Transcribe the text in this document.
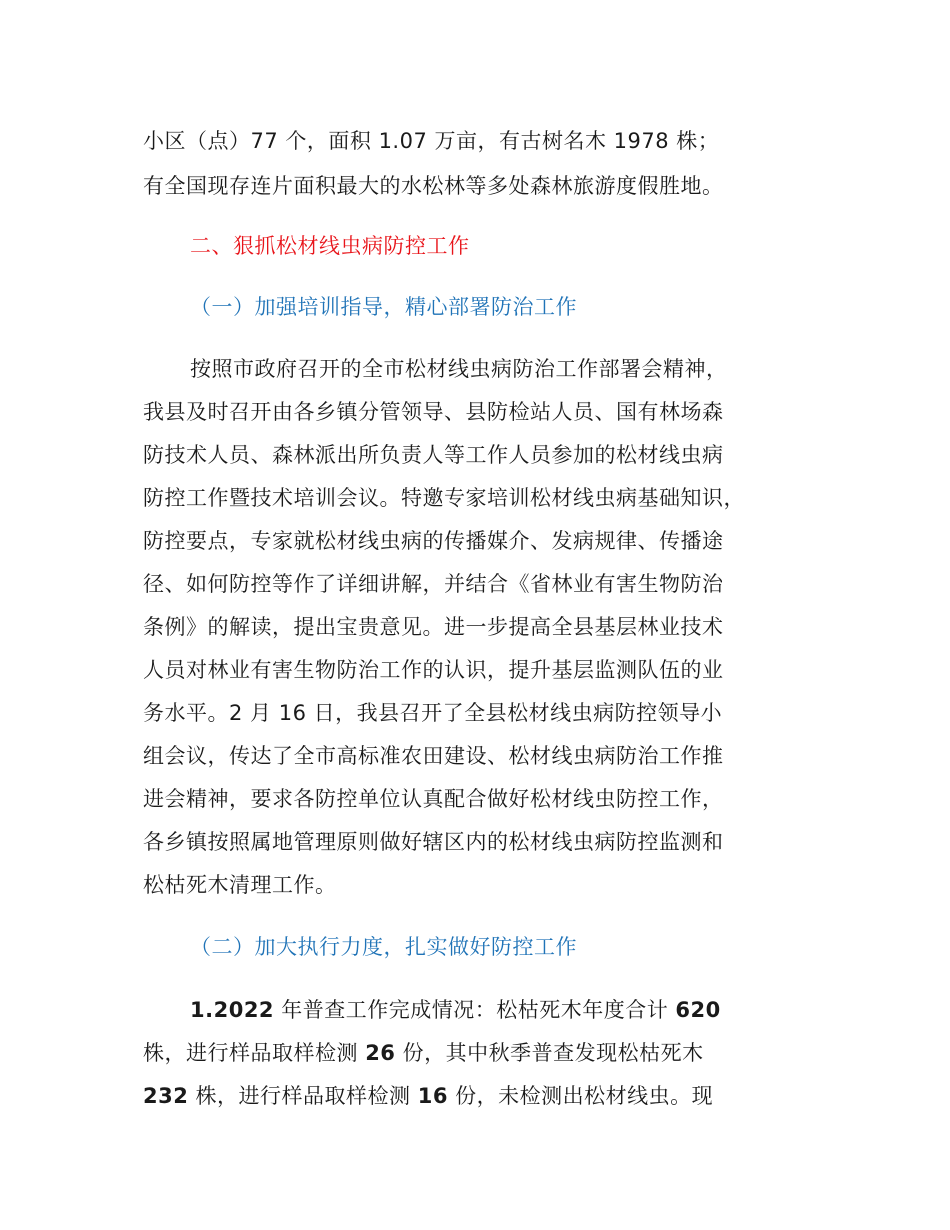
小区（点）77 个，面积 1.07 万亩，有古树名木 1978 株；
有全国现存连片面积最大的水松林等多处森林旅游度假胜地。
二、狠抓松材线虫病防控工作
（一）加强培训指导，精心部署防治工作
按照市政府召开的全市松材线虫病防治工作部署会精神，
我县及时召开由各乡镇分管领导、县防检站人员、国有林场森
防技术人员、森林派出所负责人等工作人员参加的松材线虫病
防控工作暨技术培训会议。特邀专家培训松材线虫病基础知识，
防控要点，专家就松材线虫病的传播媒介、发病规律、传播途
径、如何防控等作了详细讲解，并结合《省林业有害生物防治
条例》的解读，提出宝贵意见。进一步提高全县基层林业技术
人员对林业有害生物防治工作的认识，提升基层监测队伍的业
务水平。2 月 16 日，我县召开了全县松材线虫病防控领导小
组会议，传达了全市高标准农田建设、松材线虫病防治工作推
进会精神，要求各防控单位认真配合做好松材线虫防控工作，
各乡镇按照属地管理原则做好辖区内的松材线虫病防控监测和
松枯死木清理工作。
（二）加大执行力度，扎实做好防控工作
1.2022 年普查工作完成情况：松枯死木年度合计 620
株，进行样品取样检测 26 份，其中秋季普查发现松枯死木
232 株，进行样品取样检测 16 份，未检测出松材线虫。现
